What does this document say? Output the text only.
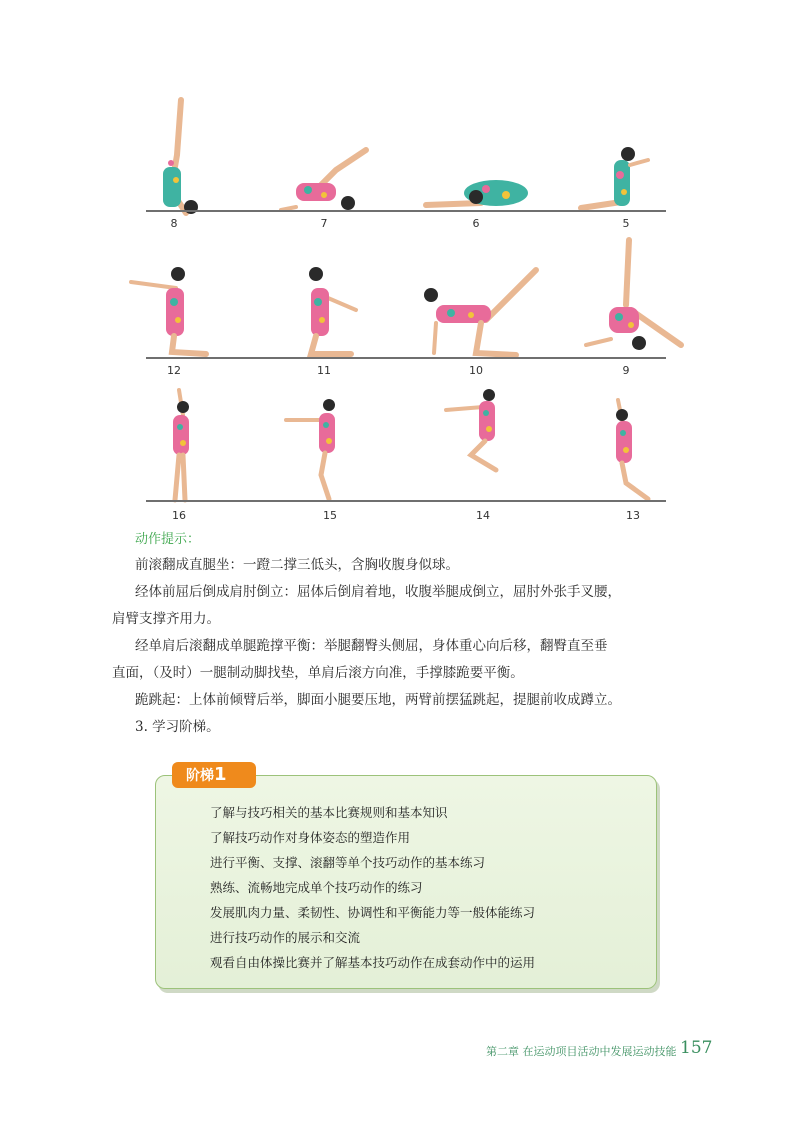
8	7	6	5
12	11	10	9
16	15	14	13
动作提示：
前滚翻成直腿坐：一蹬二撑三低头，含胸收腹身似球。
经体前屈后倒成肩肘倒立：屈体后倒肩着地，收腹举腿成倒立，屈肘外张手叉腰，
肩臂支撑齐用力。
经单肩后滚翻成单腿跪撑平衡：举腿翻臀头侧屈，身体重心向后移，翻臀直至垂
直面，（及时）一腿制动脚找垫，单肩后滚方向准，手撑膝跪要平衡。
跪跳起：上体前倾臂后举，脚面小腿要压地，两臂前摆猛跳起，提腿前收成蹲立。
3. 学习阶梯。
阶梯1
了解与技巧相关的基本比赛规则和基本知识
了解技巧动作对身体姿态的塑造作用
进行平衡、支撑、滚翻等单个技巧动作的基本练习
熟练、流畅地完成单个技巧动作的练习
发展肌肉力量、柔韧性、协调性和平衡能力等一般体能练习
进行技巧动作的展示和交流
观看自由体操比赛并了解基本技巧动作在成套动作中的运用
第二章 在运动项目活动中发展运动技能 157
